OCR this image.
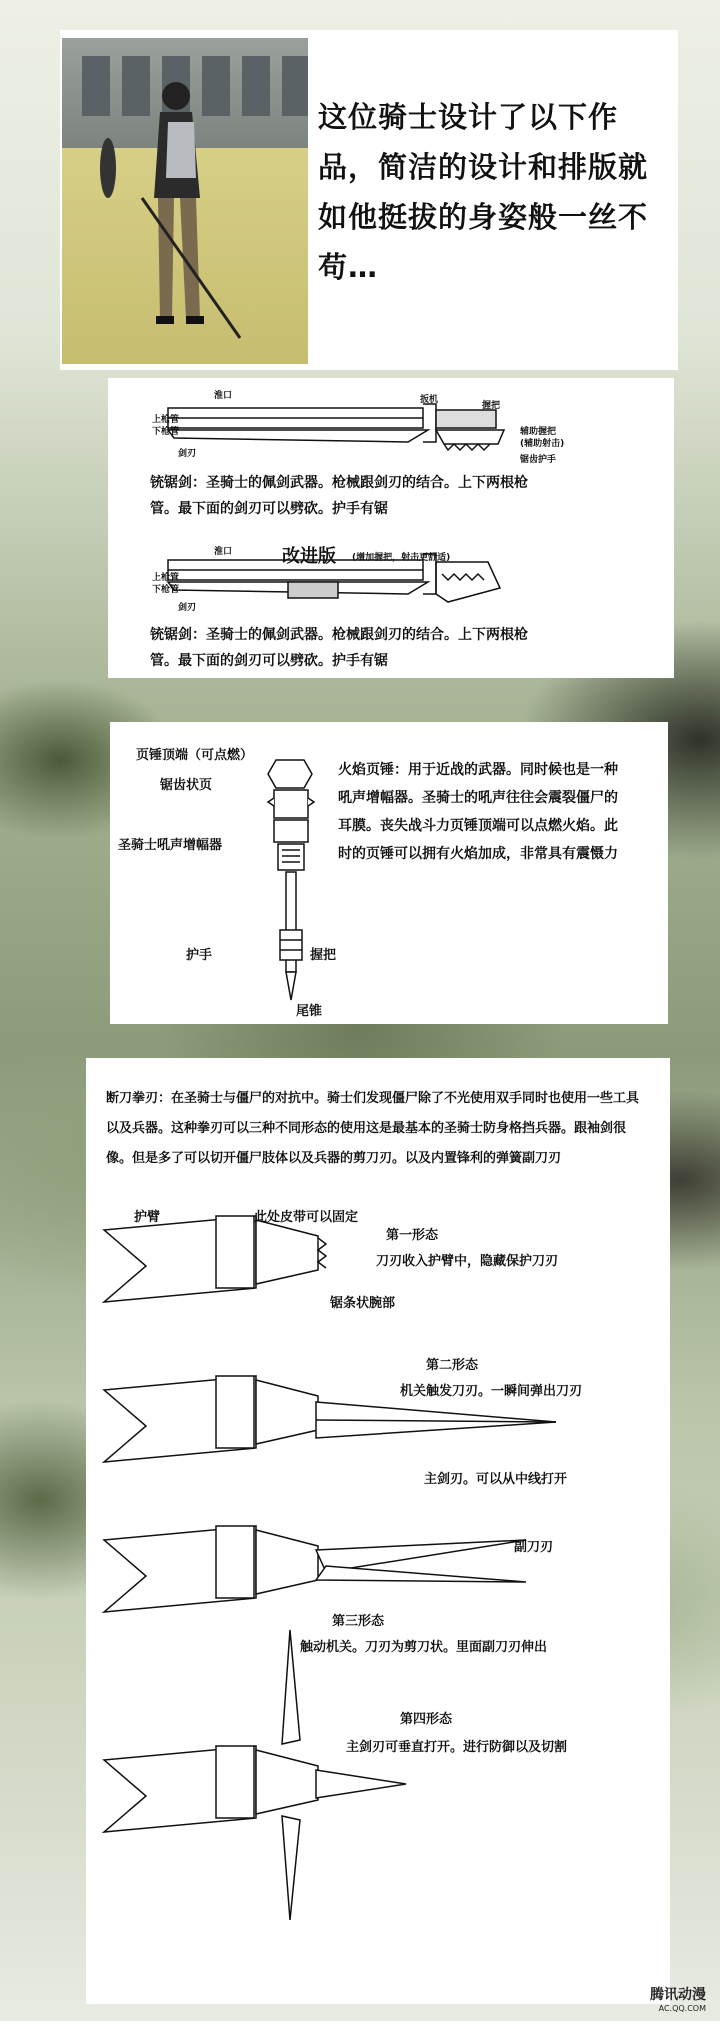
这位骑士设计了以下作品，简洁的设计和排版就如他挺拔的身姿般一丝不苟…
淮口
上枪管
下枪管
剑刃
扳机
握把
辅助握把
(辅助射击)
锯齿护手
铳锯剑：圣骑士的佩剑武器。枪械跟剑刃的结合。上下两根枪管。最下面的剑刃可以劈砍。护手有锯
改进版 (增加握把，射击更舒适)
淮口
上枪管
下枪管
剑刃
铳锯剑：圣骑士的佩剑武器。枪械跟剑刃的结合。上下两根枪管。最下面的剑刃可以劈砍。护手有锯
页锤顶端（可点燃）
锯齿状页
圣骑士吼声增幅器
护手	握把
尾锥
火焰页锤：用于近战的武器。同时候也是一种吼声增幅器。圣骑士的吼声往往会震裂僵尸的耳膜。丧失战斗力页锤顶端可以点燃火焰。此时的页锤可以拥有火焰加成，非常具有震慑力
断刀拳刃：在圣骑士与僵尸的对抗中。骑士们发现僵尸除了不光使用双手同时也使用一些工具以及兵器。这种拳刃可以三种不同形态的使用这是最基本的圣骑士防身格挡兵器。跟袖剑很像。但是多了可以切开僵尸肢体以及兵器的剪刀刃。以及内置锋利的弹簧副刀刃
护臂	此处皮带可以固定
第一形态
刀刃收入护臂中，隐藏保护刀刃
锯条状腕部
第二形态
机关触发刀刃。一瞬间弹出刀刃
主剑刃。可以从中线打开
副刀刃
第三形态
触动机关。刀刃为剪刀状。里面副刀刃伸出
第四形态
主剑刃可垂直打开。进行防御以及切割
腾讯动漫
AC.QQ.COM
